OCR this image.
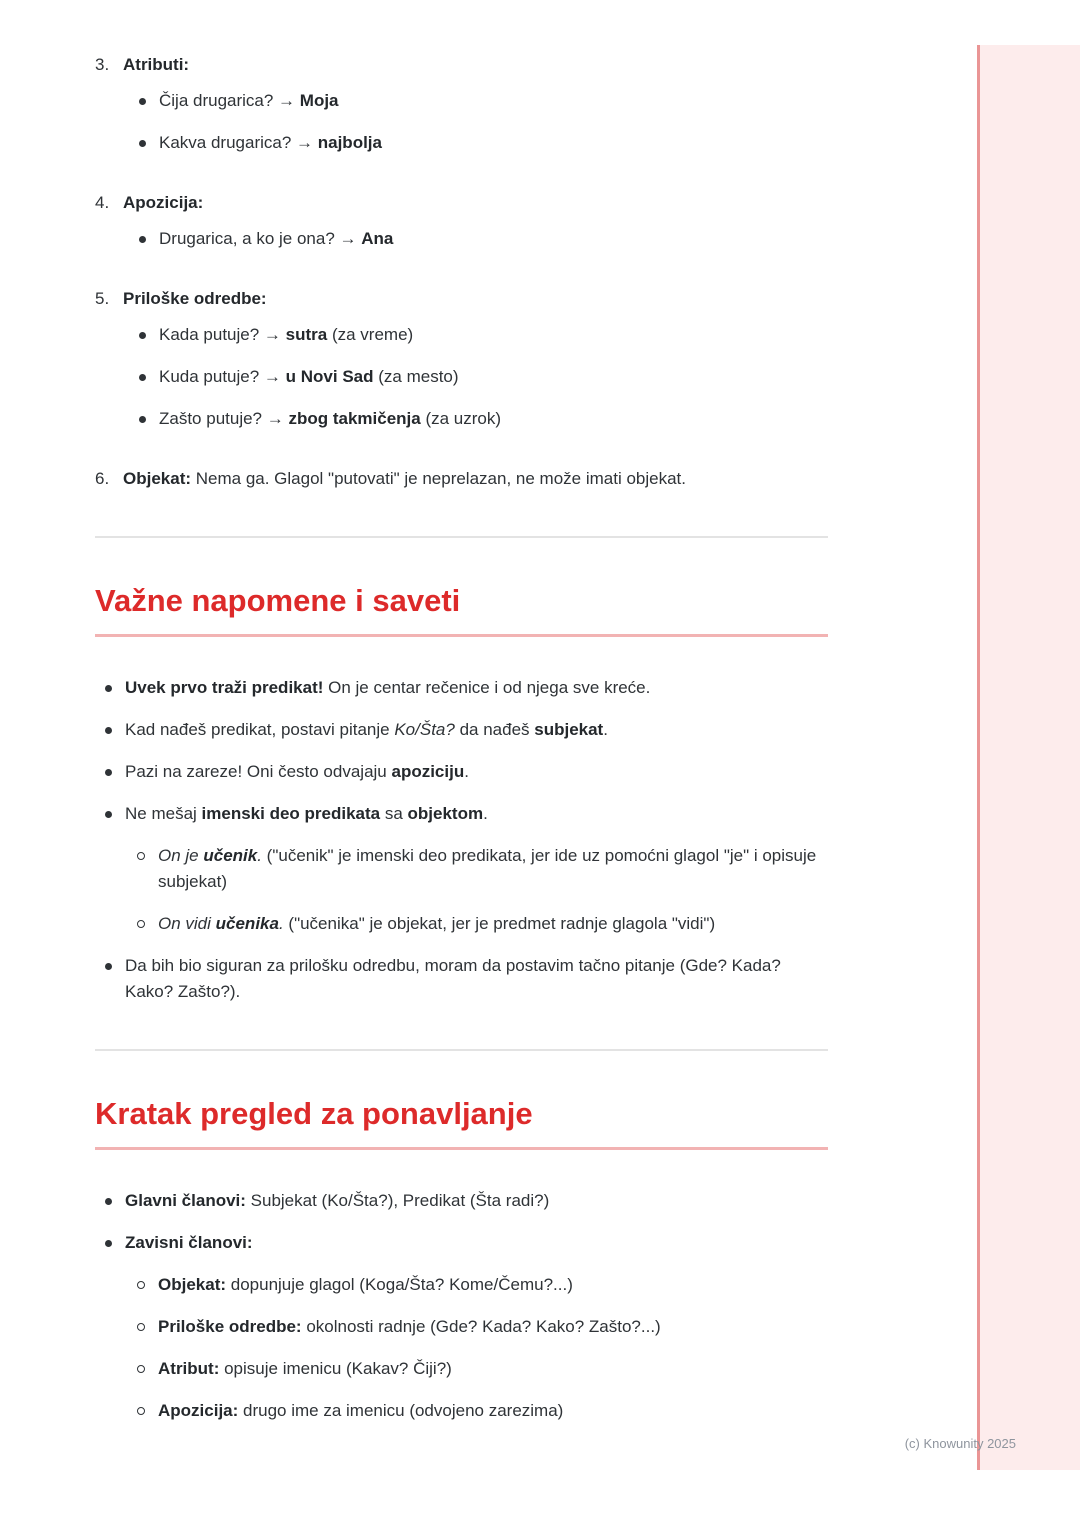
3. Atributi:
Čija drugarica? → Moja
Kakva drugarica? → najbolja
4. Apozicija:
Drugarica, a ko je ona? → Ana
5. Priloške odredbe:
Kada putuje? → sutra (za vreme)
Kuda putuje? → u Novi Sad (za mesto)
Zašto putuje? → zbog takmičenja (za uzrok)
6. Objekat: Nema ga. Glagol "putovati" je neprelazan, ne može imati objekat.
Važne napomene i saveti
Uvek prvo traži predikat! On je centar rečenice i od njega sve kreće.
Kad nađeš predikat, postavi pitanje Ko/Šta? da nađeš subjekat.
Pazi na zareze! Oni često odvajaju apoziciju.
Ne mešaj imenski deo predikata sa objektom.
On je učenik. ("učenik" je imenski deo predikata, jer ide uz pomoćni glagol "je" i opisuje subjekat)
On vidi učenika. ("učenika" je objekat, jer je predmet radnje glagola "vidi")
Da bih bio siguran za prilošku odredbu, moram da postavim tačno pitanje (Gde? Kada? Kako? Zašto?).
Kratak pregled za ponavljanje
Glavni članovi: Subjekat (Ko/Šta?), Predikat (Šta radi?)
Zavisni članovi:
Objekat: dopunjuje glagol (Koga/Šta? Kome/Čemu?...)
Priloške odredbe: okolnosti radnje (Gde? Kada? Kako? Zašto?...)
Atribut: opisuje imenicu (Kakav? Čiji?)
Apozicija: drugo ime za imenicu (odvojeno zarezima)
(c) Knowunity 2025
